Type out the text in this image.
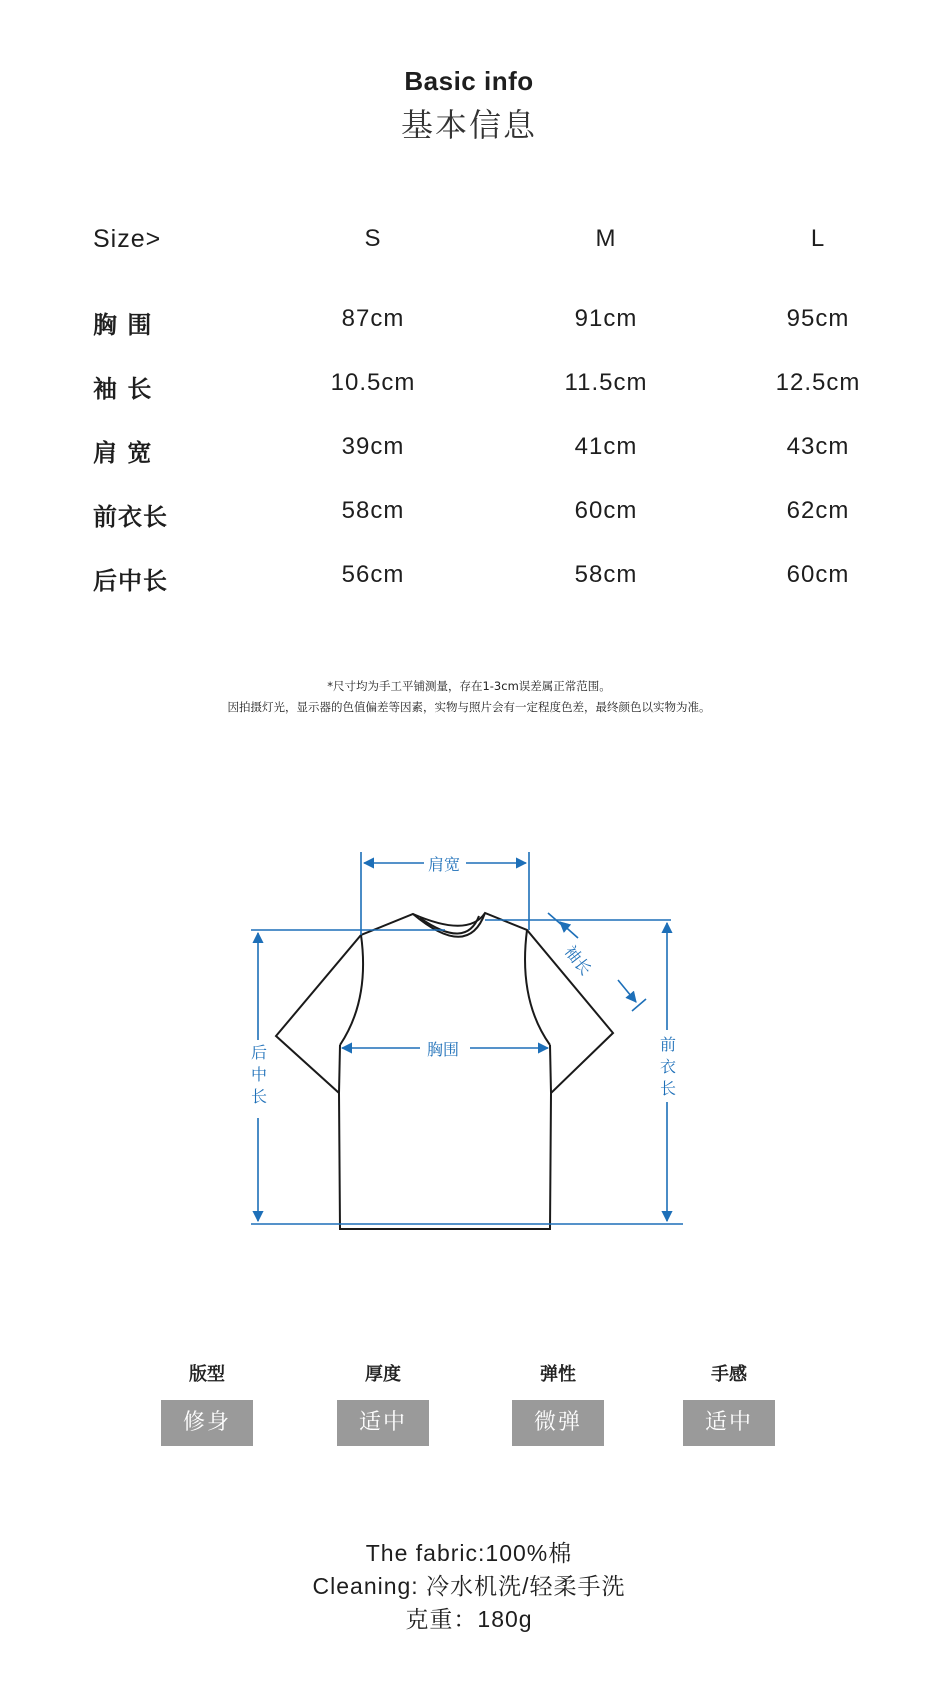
Basic info
基本信息
Size>	S	M	L
胸 围	87cm	91cm	95cm
袖 长	10.5cm	11.5cm	12.5cm
肩 宽	39cm	41cm	43cm
前衣长	58cm	60cm	62cm
后中长	56cm	58cm	60cm
*尺寸均为手工平铺测量，存在1-3cm误差属正常范围。
因拍摄灯光，显示器的色值偏差等因素，实物与照片会有一定程度色差，最终颜色以实物为准。
肩宽
胸围
袖长
后中长
前衣长
版型
修身
厚度
适中
弹性
微弹
手感
适中
The fabric:100%棉
Cleaning: 冷水机洗/轻柔手洗
克重：180g
